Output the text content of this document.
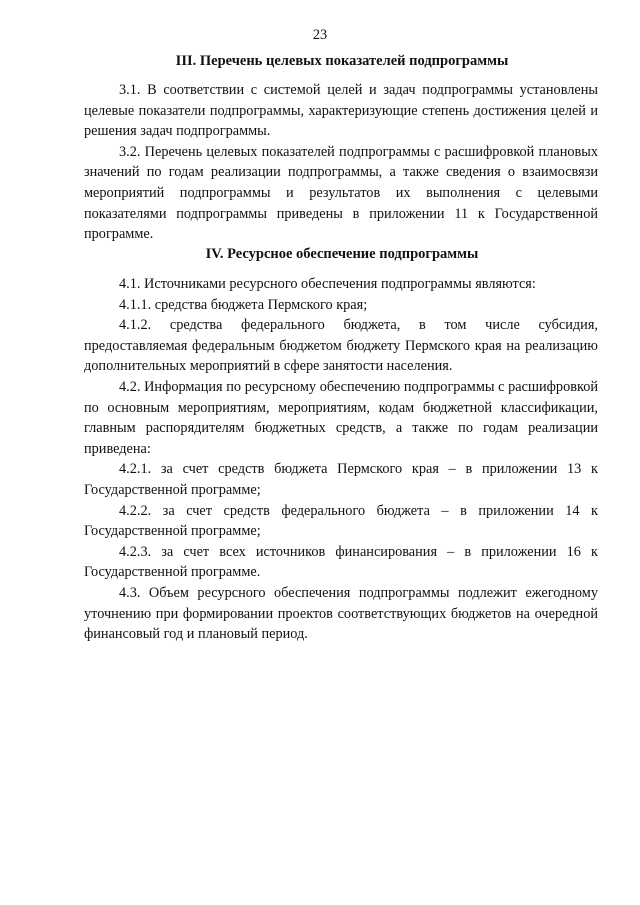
23
III. Перечень целевых показателей подпрограммы

3.1. В соответствии с системой целей и задач подпрограммы установлены целевые показатели подпрограммы, характеризующие степень достижения целей и решения задач подпрограммы.

3.2. Перечень целевых показателей подпрограммы с расшифровкой плановых значений по годам реализации подпрограммы, а также сведения о взаимосвязи мероприятий подпрограммы и результатов их выполнения с целевыми показателями подпрограммы приведены в приложении 11 к Государственной программе.

IV. Ресурсное обеспечение подпрограммы

4.1. Источниками ресурсного обеспечения подпрограммы являются:

4.1.1. средства бюджета Пермского края;

4.1.2. средства федерального бюджета, в том числе субсидия, предоставляемая федеральным бюджетом бюджету Пермского края на реализацию дополнительных мероприятий в сфере занятости населения.

4.2. Информация по ресурсному обеспечению подпрограммы с расшифровкой по основным мероприятиям, мероприятиям, кодам бюджетной классификации, главным распорядителям бюджетных средств, а также по годам реализации приведена:

4.2.1. за счет средств бюджета Пермского края – в приложении 13 к Государственной программе;

4.2.2. за счет средств федерального бюджета – в приложении 14 к Государственной программе;

4.2.3. за счет всех источников финансирования – в приложении 16 к Государственной программе.

4.3. Объем ресурсного обеспечения подпрограммы подлежит ежегодному уточнению при формировании проектов соответствующих бюджетов на очередной финансовый год и плановый период.
